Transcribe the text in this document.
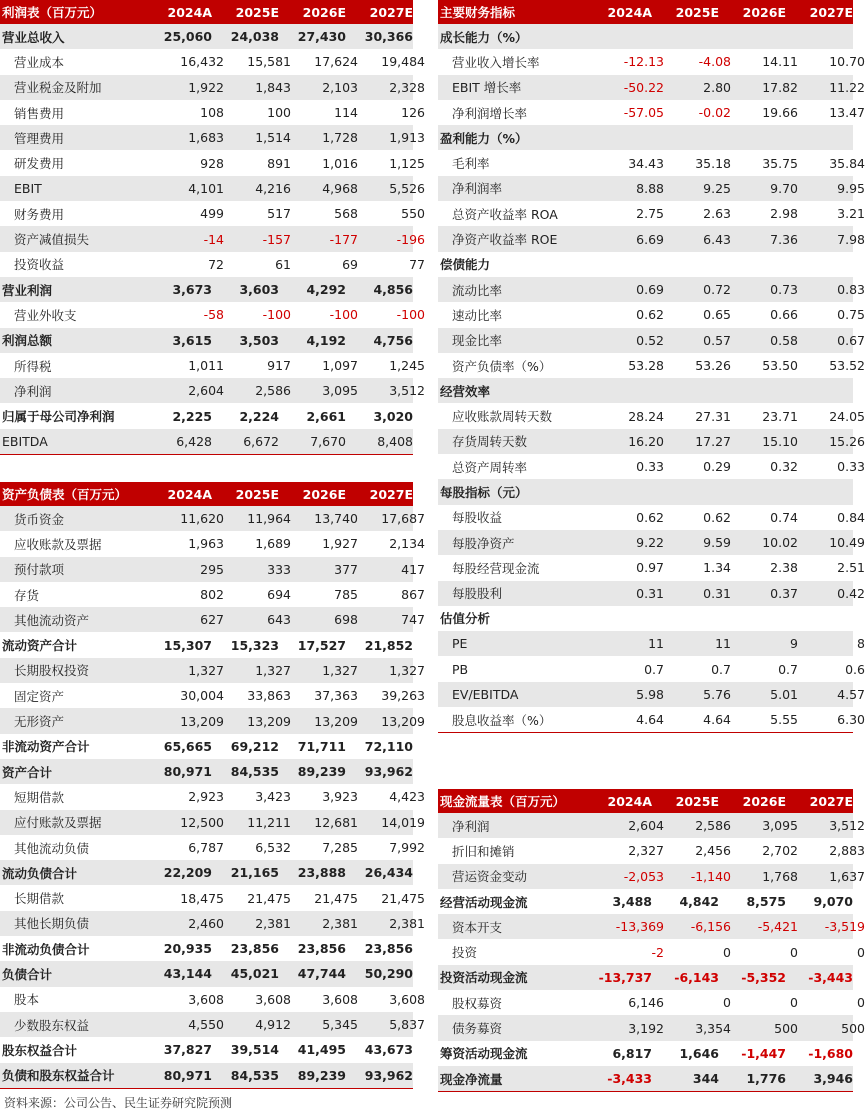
利润表（百万元）	2024A	2025E	2026E	2027E
营业总收入	25,060	24,038	27,430	30,366
营业成本	16,432	15,581	17,624	19,484
营业税金及附加	1,922	1,843	2,103	2,328
销售费用	108	100	114	126
管理费用	1,683	1,514	1,728	1,913
研发费用	928	891	1,016	1,125
EBIT	4,101	4,216	4,968	5,526
财务费用	499	517	568	550
资产减值损失	-14	-157	-177	-196
投资收益	72	61	69	77
营业利润	3,673	3,603	4,292	4,856
营业外收支	-58	-100	-100	-100
利润总额	3,615	3,503	4,192	4,756
所得税	1,011	917	1,097	1,245
净利润	2,604	2,586	3,095	3,512
归属于母公司净利润	2,225	2,224	2,661	3,020
EBITDA	6,428	6,672	7,670	8,408
资产负债表（百万元）	2024A	2025E	2026E	2027E
货币资金	11,620	11,964	13,740	17,687
应收账款及票据	1,963	1,689	1,927	2,134
预付款项	295	333	377	417
存货	802	694	785	867
其他流动资产	627	643	698	747
流动资产合计	15,307	15,323	17,527	21,852
长期股权投资	1,327	1,327	1,327	1,327
固定资产	30,004	33,863	37,363	39,263
无形资产	13,209	13,209	13,209	13,209
非流动资产合计	65,665	69,212	71,711	72,110
资产合计	80,971	84,535	89,239	93,962
短期借款	2,923	3,423	3,923	4,423
应付账款及票据	12,500	11,211	12,681	14,019
其他流动负债	6,787	6,532	7,285	7,992
流动负债合计	22,209	21,165	23,888	26,434
长期借款	18,475	21,475	21,475	21,475
其他长期负债	2,460	2,381	2,381	2,381
非流动负债合计	20,935	23,856	23,856	23,856
负债合计	43,144	45,021	47,744	50,290
股本	3,608	3,608	3,608	3,608
少数股东权益	4,550	4,912	5,345	5,837
股东权益合计	37,827	39,514	41,495	43,673
负债和股东权益合计	80,971	84,535	89,239	93,962
主要财务指标	2024A	2025E	2026E	2027E
成长能力（%）
营业收入增长率	-12.13	-4.08	14.11	10.70
EBIT 增长率	-50.22	2.80	17.82	11.22
净利润增长率	-57.05	-0.02	19.66	13.47
盈利能力（%）
毛利率	34.43	35.18	35.75	35.84
净利润率	8.88	9.25	9.70	9.95
总资产收益率 ROA	2.75	2.63	2.98	3.21
净资产收益率 ROE	6.69	6.43	7.36	7.98
偿债能力
流动比率	0.69	0.72	0.73	0.83
速动比率	0.62	0.65	0.66	0.75
现金比率	0.52	0.57	0.58	0.67
资产负债率（%）	53.28	53.26	53.50	53.52
经营效率
应收账款周转天数	28.24	27.31	23.71	24.05
存货周转天数	16.20	17.27	15.10	15.26
总资产周转率	0.33	0.29	0.32	0.33
每股指标（元）
每股收益	0.62	0.62	0.74	0.84
每股净资产	9.22	9.59	10.02	10.49
每股经营现金流	0.97	1.34	2.38	2.51
每股股利	0.31	0.31	0.37	0.42
估值分析
PE	11	11	9	8
PB	0.7	0.7	0.7	0.6
EV/EBITDA	5.98	5.76	5.01	4.57
股息收益率（%）	4.64	4.64	5.55	6.30
现金流量表（百万元）	2024A	2025E	2026E	2027E
净利润	2,604	2,586	3,095	3,512
折旧和摊销	2,327	2,456	2,702	2,883
营运资金变动	-2,053	-1,140	1,768	1,637
经营活动现金流	3,488	4,842	8,575	9,070
资本开支	-13,369	-6,156	-5,421	-3,519
投资	-2	0	0	0
投资活动现金流	-13,737	-6,143	-5,352	-3,443
股权募资	6,146	0	0	0
债务募资	3,192	3,354	500	500
筹资活动现金流	6,817	1,646	-1,447	-1,680
现金净流量	-3,433	344	1,776	3,946
资料来源：公司公告、民生证券研究院预测
